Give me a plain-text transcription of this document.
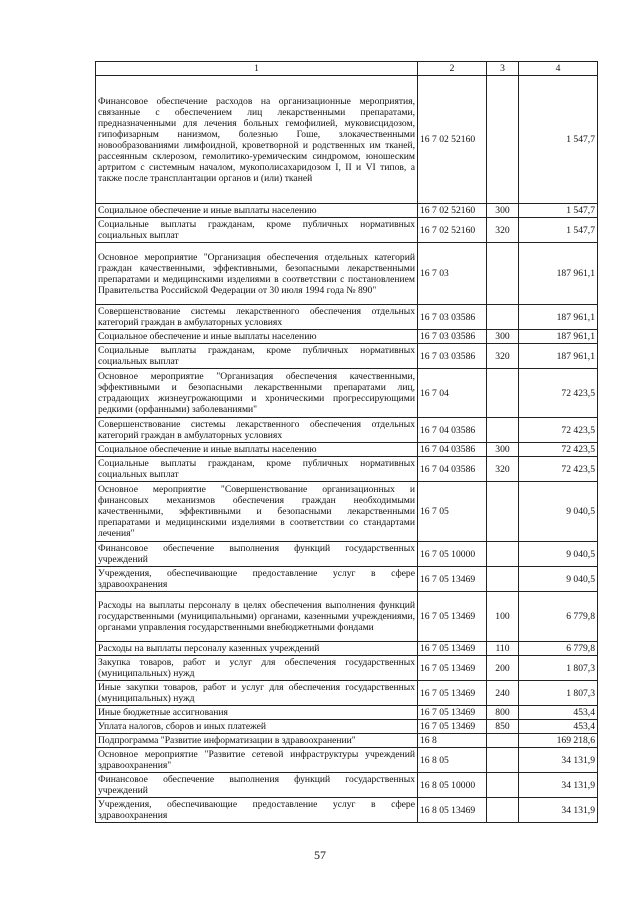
1	2	3	4
Финансовое обеспечение расходов на организационные мероприятия, связанные с обеспечением лиц лекарственными препаратами, предназначенными для лечения больных гемофилией, муковисцидозом, гипофизарным нанизмом, болезнью Гоше, злокачественными новообразованиями лимфоидной, кроветворной и родственных им тканей, рассеянным склерозом, гемолитико-уремическим синдромом, юношеским артритом с системным началом, мукополисахаридозом I, II и VI типов, а также после трансплантации органов и (или) тканей	16 7 02 52160		1 547,7
Социальное обеспечение и иные выплаты населению	16 7 02 52160	300	1 547,7
Социальные выплаты гражданам, кроме публичных нормативных социальных выплат	16 7 02 52160	320	1 547,7
Основное мероприятие "Организация обеспечения отдельных категорий граждан качественными, эффективными, безопасными лекарственными препаратами и медицинскими изделиями в соответствии с постановлением Правительства Российской Федерации от 30 июля 1994 года № 890"	16 7 03		187 961,1
Совершенствование системы лекарственного обеспечения отдельных категорий граждан в амбулаторных условиях	16 7 03 03586		187 961,1
Социальное обеспечение и иные выплаты населению	16 7 03 03586	300	187 961,1
Социальные выплаты гражданам, кроме публичных нормативных социальных выплат	16 7 03 03586	320	187 961,1
Основное мероприятие "Организация обеспечения качественными, эффективными и безопасными лекарственными препаратами лиц, страдающих жизнеугрожающими и хроническими прогрессирующими редкими (орфанными) заболеваниями"	16 7 04		72 423,5
Совершенствование системы лекарственного обеспечения отдельных категорий граждан в амбулаторных условиях	16 7 04 03586		72 423,5
Социальное обеспечение и иные выплаты населению	16 7 04 03586	300	72 423,5
Социальные выплаты гражданам, кроме публичных нормативных социальных выплат	16 7 04 03586	320	72 423,5
Основное мероприятие "Совершенствование организационных и финансовых механизмов обеспечения граждан необходимыми качественными, эффективными и безопасными лекарственными препаратами и медицинскими изделиями в соответствии со стандартами лечения"	16 7 05		9 040,5
Финансовое обеспечение выполнения функций государственных учреждений	16 7 05 10000		9 040,5
Учреждения, обеспечивающие предоставление услуг в сфере здравоохранения	16 7 05 13469		9 040,5
Расходы на выплаты персоналу в целях обеспечения выполнения функций государственными (муниципальными) органами, казенными учреждениями, органами управления государственными внебюджетными фондами	16 7 05 13469	100	6 779,8
Расходы на выплаты персоналу казенных учреждений	16 7 05 13469	110	6 779,8
Закупка товаров, работ и услуг для обеспечения государственных (муниципальных) нужд	16 7 05 13469	200	1 807,3
Иные закупки товаров, работ и услуг для обеспечения государственных (муниципальных) нужд	16 7 05 13469	240	1 807,3
Иные бюджетные ассигнования	16 7 05 13469	800	453,4
Уплата налогов, сборов и иных платежей	16 7 05 13469	850	453,4
Подпрограмма "Развитие информатизации в здравоохранении"	16 8		169 218,6
Основное мероприятие "Развитие сетевой инфраструктуры учреждений здравоохранения"	16 8 05		34 131,9
Финансовое обеспечение выполнения функций государственных учреждений	16 8 05 10000		34 131,9
Учреждения, обеспечивающие предоставление услуг в сфере здравоохранения	16 8 05 13469		34 131,9
57
